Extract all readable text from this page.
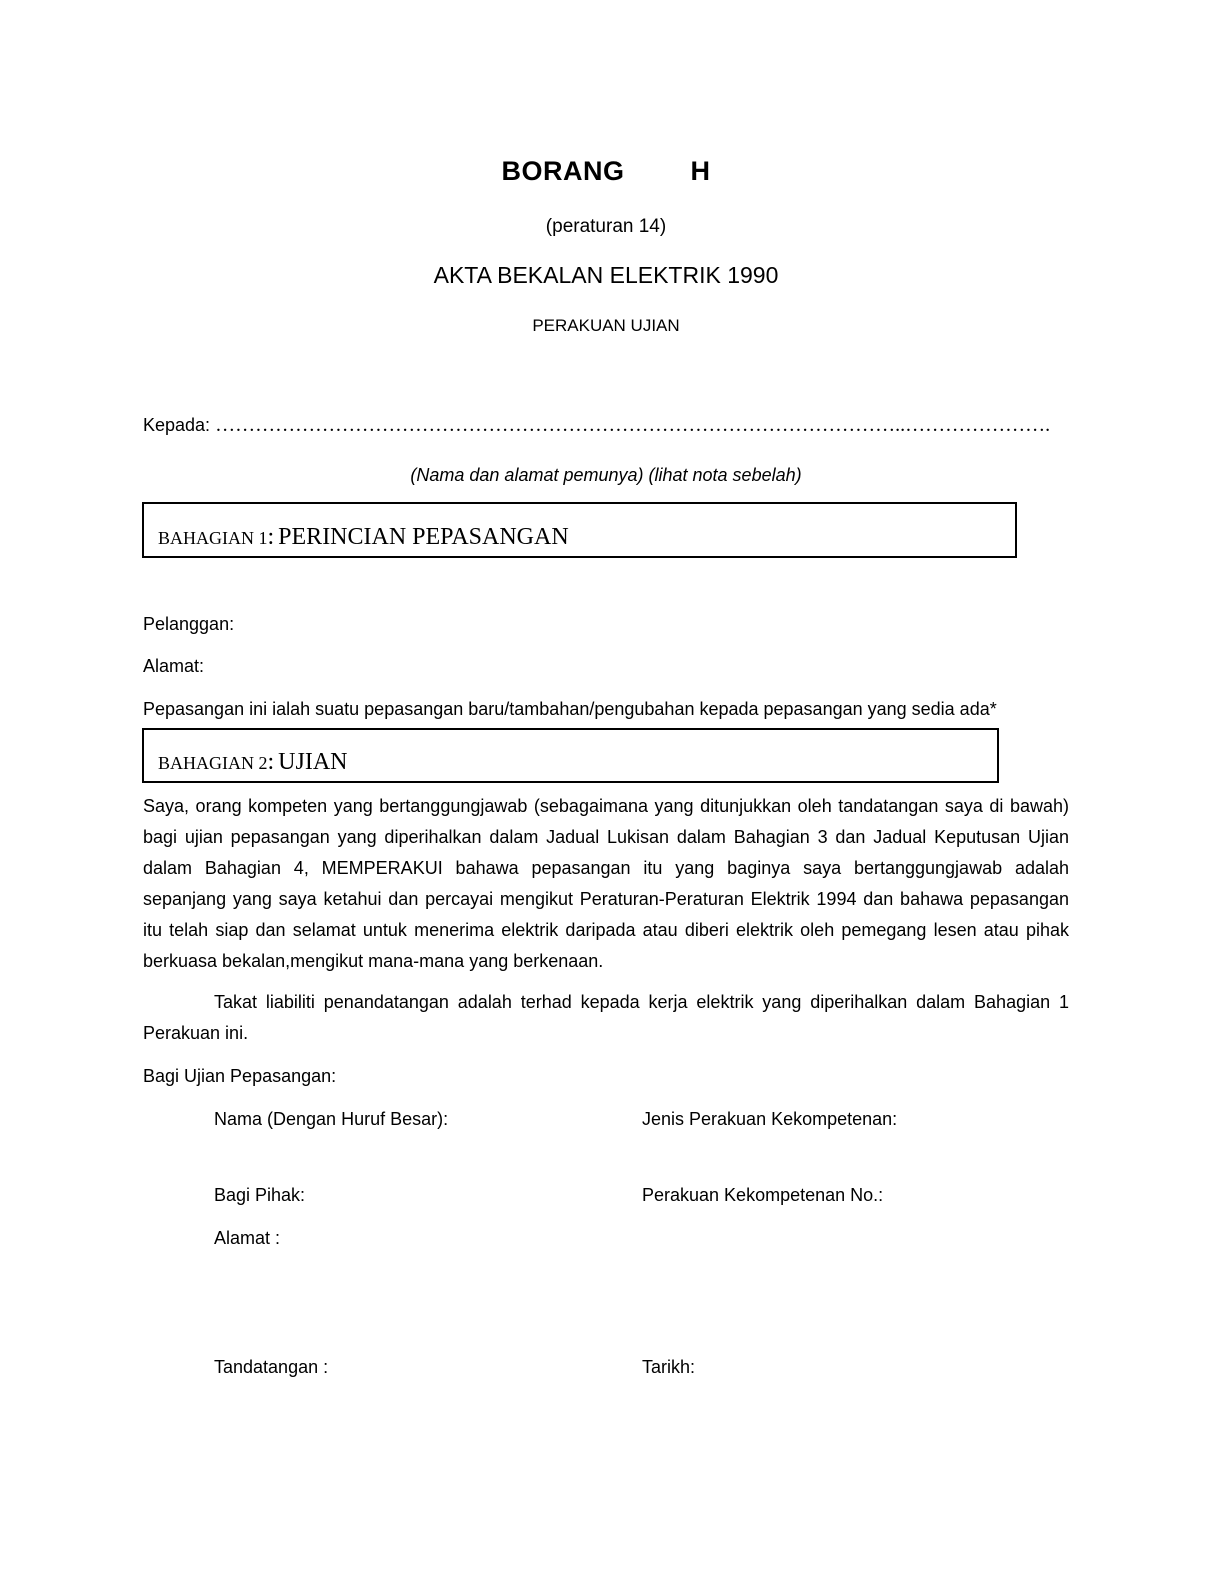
BORANG   H
(peraturan 14)
AKTA BEKALAN ELEKTRIK 1990
PERAKUAN UJIAN
Kepada: …………………………………………………………………………………………..………………….
(Nama dan alamat pemunya) (lihat nota sebelah)
BAHAGIAN 1: PERINCIAN PEPASANGAN
Pelanggan:
Alamat:
Pepasangan ini ialah suatu pepasangan baru/tambahan/pengubahan kepada pepasangan yang sedia ada*
BAHAGIAN 2: UJIAN
Saya, orang kompeten yang bertanggungjawab (sebagaimana yang ditunjukkan oleh tandatangan saya di bawah) bagi ujian pepasangan yang diperihalkan dalam Jadual Lukisan dalam Bahagian 3 dan Jadual Keputusan Ujian dalam Bahagian 4, MEMPERAKUI bahawa pepasangan itu yang baginya saya bertanggungjawab adalah sepanjang yang saya ketahui dan percayai mengikut Peraturan-Peraturan Elektrik 1994 dan bahawa pepasangan itu telah siap dan selamat untuk menerima elektrik daripada atau diberi elektrik oleh pemegang lesen atau pihak berkuasa bekalan,mengikut mana-mana yang berkenaan.
Takat liabiliti penandatangan adalah terhad kepada kerja elektrik yang diperihalkan dalam Bahagian 1 Perakuan ini.
Bagi Ujian Pepasangan:
Nama (Dengan Huruf Besar):	Jenis Perakuan Kekompetenan:
Bagi Pihak:	Perakuan Kekompetenan No.:
Alamat :
Tandatangan :	Tarikh:
